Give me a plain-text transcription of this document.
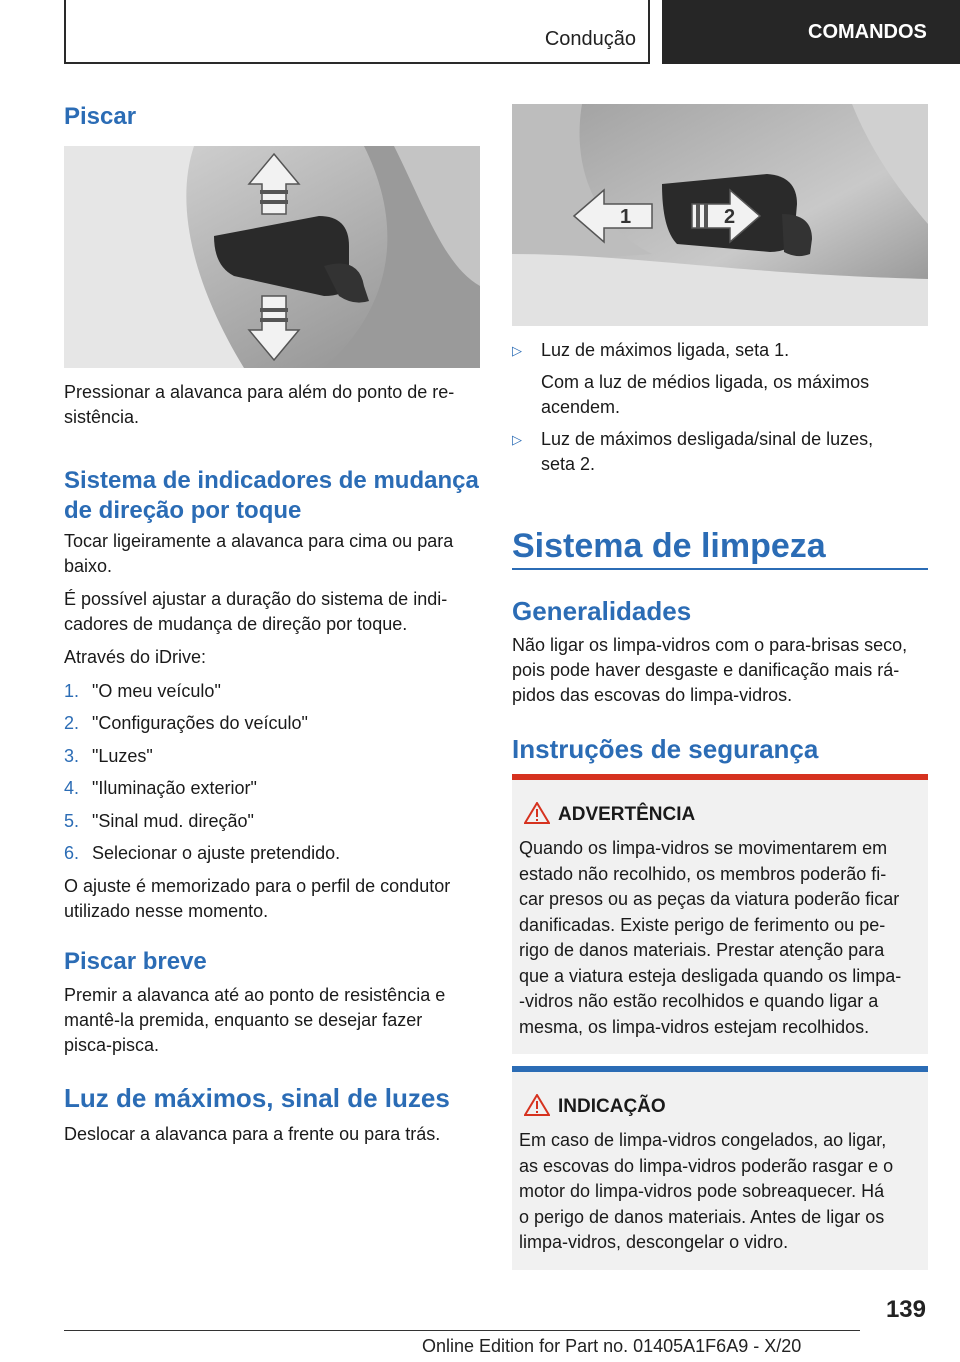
Condução	COMANDOS
Piscar

Pressionar a alavanca para além do ponto de re-
sistência.

Sistema de indicadores de mudança
de direção por toque

Tocar ligeiramente a alavanca para cima ou para
baixo.

É possível ajustar a duração do sistema de indi-
cadores de mudança de direção por toque.

Através do iDrive:

1. "O meu veículo"
2. "Configurações do veículo"
3. "Luzes"
4. "Iluminação exterior"
5. "Sinal mud. direção"
6. Selecionar o ajuste pretendido.

O ajuste é memorizado para o perfil de condutor
utilizado nesse momento.

Piscar breve

Premir a alavanca até ao ponto de resistência e
mantê-la premida, enquanto se desejar fazer
pisca-pisca.

Luz de máximos, sinal de luzes

Deslocar a alavanca para a frente ou para trás.

1	2
▷ Luz de máximos ligada, seta 1.
Com a luz de médios ligada, os máximos
acendem.
▷ Luz de máximos desligada/sinal de luzes,
seta 2.
Sistema de limpeza
Generalidades

Não ligar os limpa-vidros com o para-brisas seco,
pois pode haver desgaste e danificação mais rá-
pidos das escovas do limpa-vidros.

Instruções de segurança
ADVERTÊNCIA
Quando os limpa-vidros se movimentarem em
estado não recolhido, os membros poderão fi-
car presos ou as peças da viatura poderão ficar
danificadas. Existe perigo de ferimento ou pe-
rigo de danos materiais. Prestar atenção para
que a viatura esteja desligada quando os limpa-
-vidros não estão recolhidos e quando ligar a
mesma, os limpa-vidros estejam recolhidos.
INDICAÇÃO
Em caso de limpa-vidros congelados, ao ligar,
as escovas do limpa-vidros poderão rasgar e o
motor do limpa-vidros pode sobreaquecer. Há
o perigo de danos materiais. Antes de ligar os
limpa-vidros, descongelar o vidro.
139
Online Edition for Part no. 01405A1F6A9 - X/20
